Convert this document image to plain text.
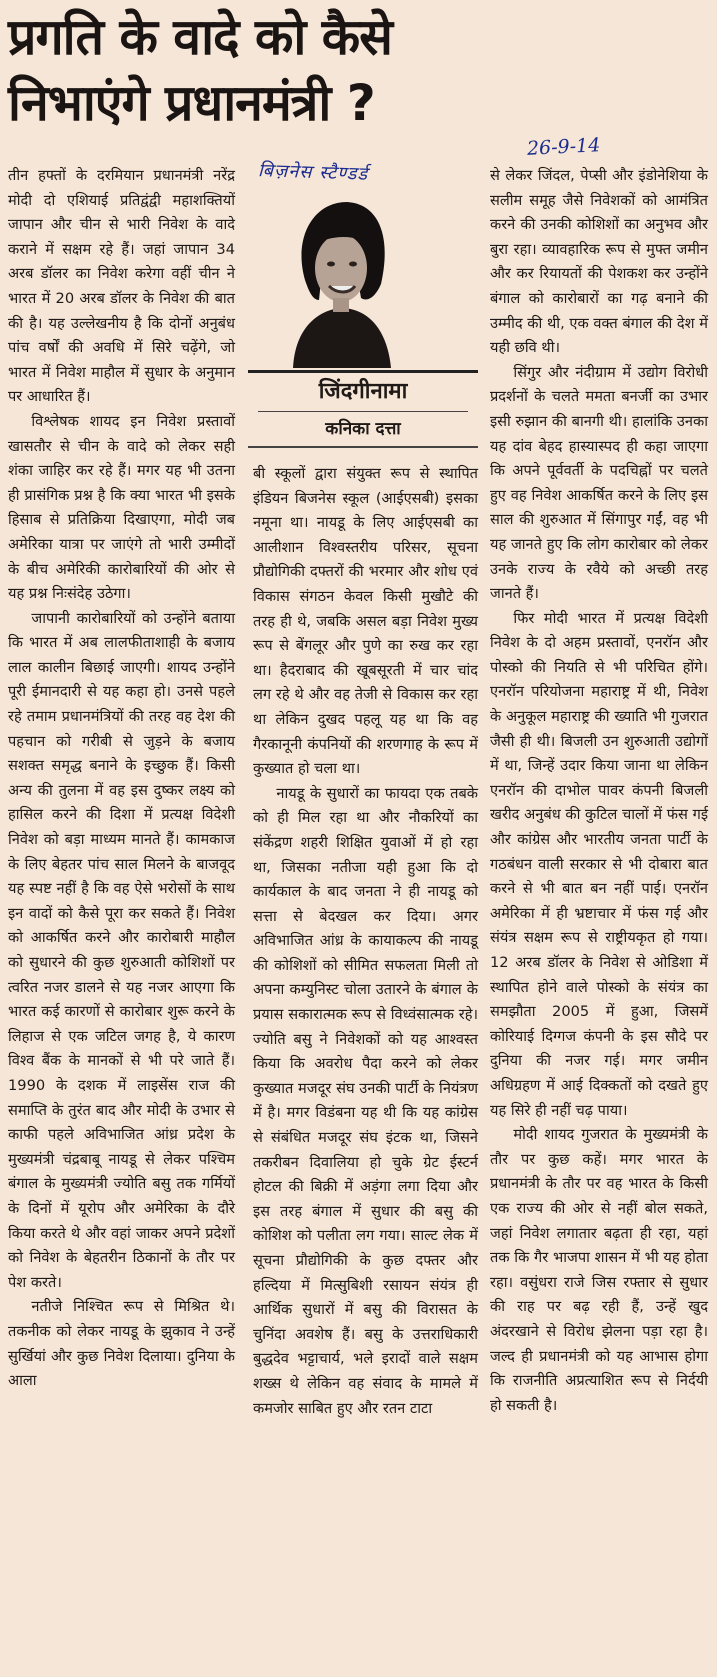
प्रगति के वादे को कैसे
निभाएंगे प्रधानमंत्री ?
26-9-14
बिज़नेस स्टैण्डर्ड

तीन हफ्तों के दरमियान प्रधानमंत्री नरेंद्र मोदी दो एशियाई प्रतिद्वंद्वी महाशक्तियों जापान और चीन से भारी निवेश के वादे कराने में सक्षम रहे हैं। जहां जापान 34 अरब डॉलर का निवेश करेगा वहीं चीन ने भारत में 20 अरब डॉलर के निवेश की बात की है। यह उल्लेखनीय है कि दोनों अनुबंध पांच वर्षों की अवधि में सिरे चढ़ेंगे, जो भारत में निवेश माहौल में सुधार के अनुमान पर आधारित हैं।

विश्लेषक शायद इन निवेश प्रस्तावों खासतौर से चीन के वादे को लेकर सही शंका जाहिर कर रहे हैं। मगर यह भी उतना ही प्रासंगिक प्रश्न है कि क्या भारत भी इसके हिसाब से प्रतिक्रिया दिखाएगा, मोदी जब अमेरिका यात्रा पर जाएंगे तो भारी उम्मीदों के बीच अमेरिकी कारोबारियों की ओर से यह प्रश्न निःसंदेह उठेगा।

जापानी कारोबारियों को उन्होंने बताया कि भारत में अब लालफीताशाही के बजाय लाल कालीन बिछाई जाएगी। शायद उन्होंने पूरी ईमानदारी से यह कहा हो। उनसे पहले रहे तमाम प्रधानमंत्रियों की तरह वह देश की पहचान को गरीबी से जुड़ने के बजाय सशक्त समृद्ध बनाने के इच्छुक हैं। किसी अन्य की तुलना में वह इस दुष्कर लक्ष्य को हासिल करने की दिशा में प्रत्यक्ष विदेशी निवेश को बड़ा माध्यम मानते हैं। कामकाज के लिए बेहतर पांच साल मिलने के बाजवूद यह स्पष्ट नहीं है कि वह ऐसे भरोसों के साथ इन वादों को कैसे पूरा कर सकते हैं। निवेश को आकर्षित करने और कारोबारी माहौल को सुधारने की कुछ शुरुआती कोशिशों पर त्वरित नजर डालने से यह नजर आएगा कि भारत कई कारणों से कारोबार शुरू करने के लिहाज से एक जटिल जगह है, ये कारण विश्व बैंक के मानकों से भी परे जाते हैं। 1990 के दशक में लाइसेंस राज की समाप्ति के तुरंत बाद और मोदी के उभार से काफी पहले अविभाजित आंध्र प्रदेश के मुख्यमंत्री चंद्रबाबू नायडू से लेकर पश्चिम बंगाल के मुख्यमंत्री ज्योति बसु तक गर्मियों के दिनों में यूरोप और अमेरिका के दौरे किया करते थे और वहां जाकर अपने प्रदेशों को निवेश के बेहतरीन ठिकानों के तौर पर पेश करते।

नतीजे निश्चित रूप से मिश्रित थे। तकनीक को लेकर नायडू के झुकाव ने उन्हें सुर्खियां और कुछ निवेश दिलाया। दुनिया के आला

जिंदगीनामा
कनिका दत्ता

बी स्कूलों द्वारा संयुक्त रूप से स्थापित इंडियन बिजनेस स्कूल (आईएसबी) इसका नमूना था। नायडू के लिए आईएसबी का आलीशान विश्वस्तरीय परिसर, सूचना प्रौद्योगिकी दफ्तरों की भरमार और शोध एवं विकास संगठन केवल किसी मुखौटे की तरह ही थे, जबकि असल बड़ा निवेश मुख्य रूप से बेंगलूर और पुणे का रुख कर रहा था। हैदराबाद की खूबसूरती में चार चांद लग रहे थे और वह तेजी से विकास कर रहा था लेकिन दुखद पहलू यह था कि वह गैरकानूनी कंपनियों की शरणगाह के रूप में कुख्यात हो चला था।

नायडू के सुधारों का फायदा एक तबके को ही मिल रहा था और नौकरियों का संकेंद्रण शहरी शिक्षित युवाओं में हो रहा था, जिसका नतीजा यही हुआ कि दो कार्यकाल के बाद जनता ने ही नायडू को सत्ता से बेदखल कर दिया। अगर अविभाजित आंध्र के कायाकल्प की नायडू की कोशिशों को सीमित सफलता मिली तो अपना कम्युनिस्ट चोला उतारने के बंगाल के प्रयास सकारात्मक रूप से विध्वंसात्मक रहे। ज्योति बसु ने निवेशकों को यह आश्वस्त किया कि अवरोध पैदा करने को लेकर कुख्यात मजदूर संघ उनकी पार्टी के नियंत्रण में है। मगर विडंबना यह थी कि यह कांग्रेस से संबंधित मजदूर संघ इंटक था, जिसने तकरीबन दिवालिया हो चुके ग्रेट ईस्टर्न होटल की बिक्री में अड़ंगा लगा दिया और इस तरह बंगाल में सुधार की बसु की कोशिश को पलीता लग गया। साल्ट लेक में सूचना प्रौद्योगिकी के कुछ दफ्तर और हल्दिया में मित्सुबिशी रसायन संयंत्र ही आर्थिक सुधारों में बसु की विरासत के चुनिंदा अवशेष हैं। बसु के उत्तराधिकारी बुद्धदेव भट्टाचार्य, भले इरादों वाले सक्षम शख्स थे लेकिन वह संवाद के मामले में कमजोर साबित हुए और रतन टाटा

से लेकर जिंदल, पेप्सी और इंडोनेशिया के सलीम समूह जैसे निवेशकों को आमंत्रित करने की उनकी कोशिशों का अनुभव और बुरा रहा। व्यावहारिक रूप से मुफ्त जमीन और कर रियायतों की पेशकश कर उन्होंने बंगाल को कारोबारों का गढ़ बनाने की उम्मीद की थी, एक वक्त बंगाल की देश में यही छवि थी।

सिंगुर और नंदीग्राम में उद्योग विरोधी प्रदर्शनों के चलते ममता बनर्जी का उभार इसी रुझान की बानगी थी। हालांकि उनका यह दांव बेहद हास्यास्पद ही कहा जाएगा कि अपने पूर्ववर्ती के पदचिह्नों पर चलते हुए वह निवेश आकर्षित करने के लिए इस साल की शुरुआत में सिंगापुर गईं, वह भी यह जानते हुए कि लोग कारोबार को लेकर उनके राज्य के रवैये को अच्छी तरह जानते हैं।

फिर मोदी भारत में प्रत्यक्ष विदेशी निवेश के दो अहम प्रस्तावों, एनरॉन और पोस्को की नियति से भी परिचित होंगे। एनरॉन परियोजना महाराष्ट्र में थी, निवेश के अनुकूल महाराष्ट्र की ख्याति भी गुजरात जैसी ही थी। बिजली उन शुरुआती उद्योगों में था, जिन्हें उदार किया जाना था लेकिन एनरॉन की दाभोल पावर कंपनी बिजली खरीद अनुबंध की कुटिल चालों में फंस गई और कांग्रेस और भारतीय जनता पार्टी के गठबंधन वाली सरकार से भी दोबारा बात करने से भी बात बन नहीं पाई। एनरॉन अमेरिका में ही भ्रष्टाचार में फंस गई और संयंत्र सक्षम रूप से राष्ट्रीयकृत हो गया। 12 अरब डॉलर के निवेश से ओडिशा में स्थापित होने वाले पोस्को के संयंत्र का समझौता 2005 में हुआ, जिसमें कोरियाई दिग्गज कंपनी के इस सौदे पर दुनिया की नजर गई। मगर जमीन अधिग्रहण में आई दिक्कतों को दखते हुए यह सिरे ही नहीं चढ़ पाया।

मोदी शायद गुजरात के मुख्यमंत्री के तौर पर कुछ कहें। मगर भारत के प्रधानमंत्री के तौर पर वह भारत के किसी एक राज्य की ओर से नहीं बोल सकते, जहां निवेश लगातार बढ़ता ही रहा, यहां तक कि गैर भाजपा शासन में भी यह होता रहा। वसुंधरा राजे जिस रफ्तार से सुधार की राह पर बढ़ रही हैं, उन्हें खुद अंदरखाने से विरोध झेलना पड़ा रहा है। जल्द ही प्रधानमंत्री को यह आभास होगा कि राजनीति अप्रत्याशित रूप से निर्दयी हो सकती है।
